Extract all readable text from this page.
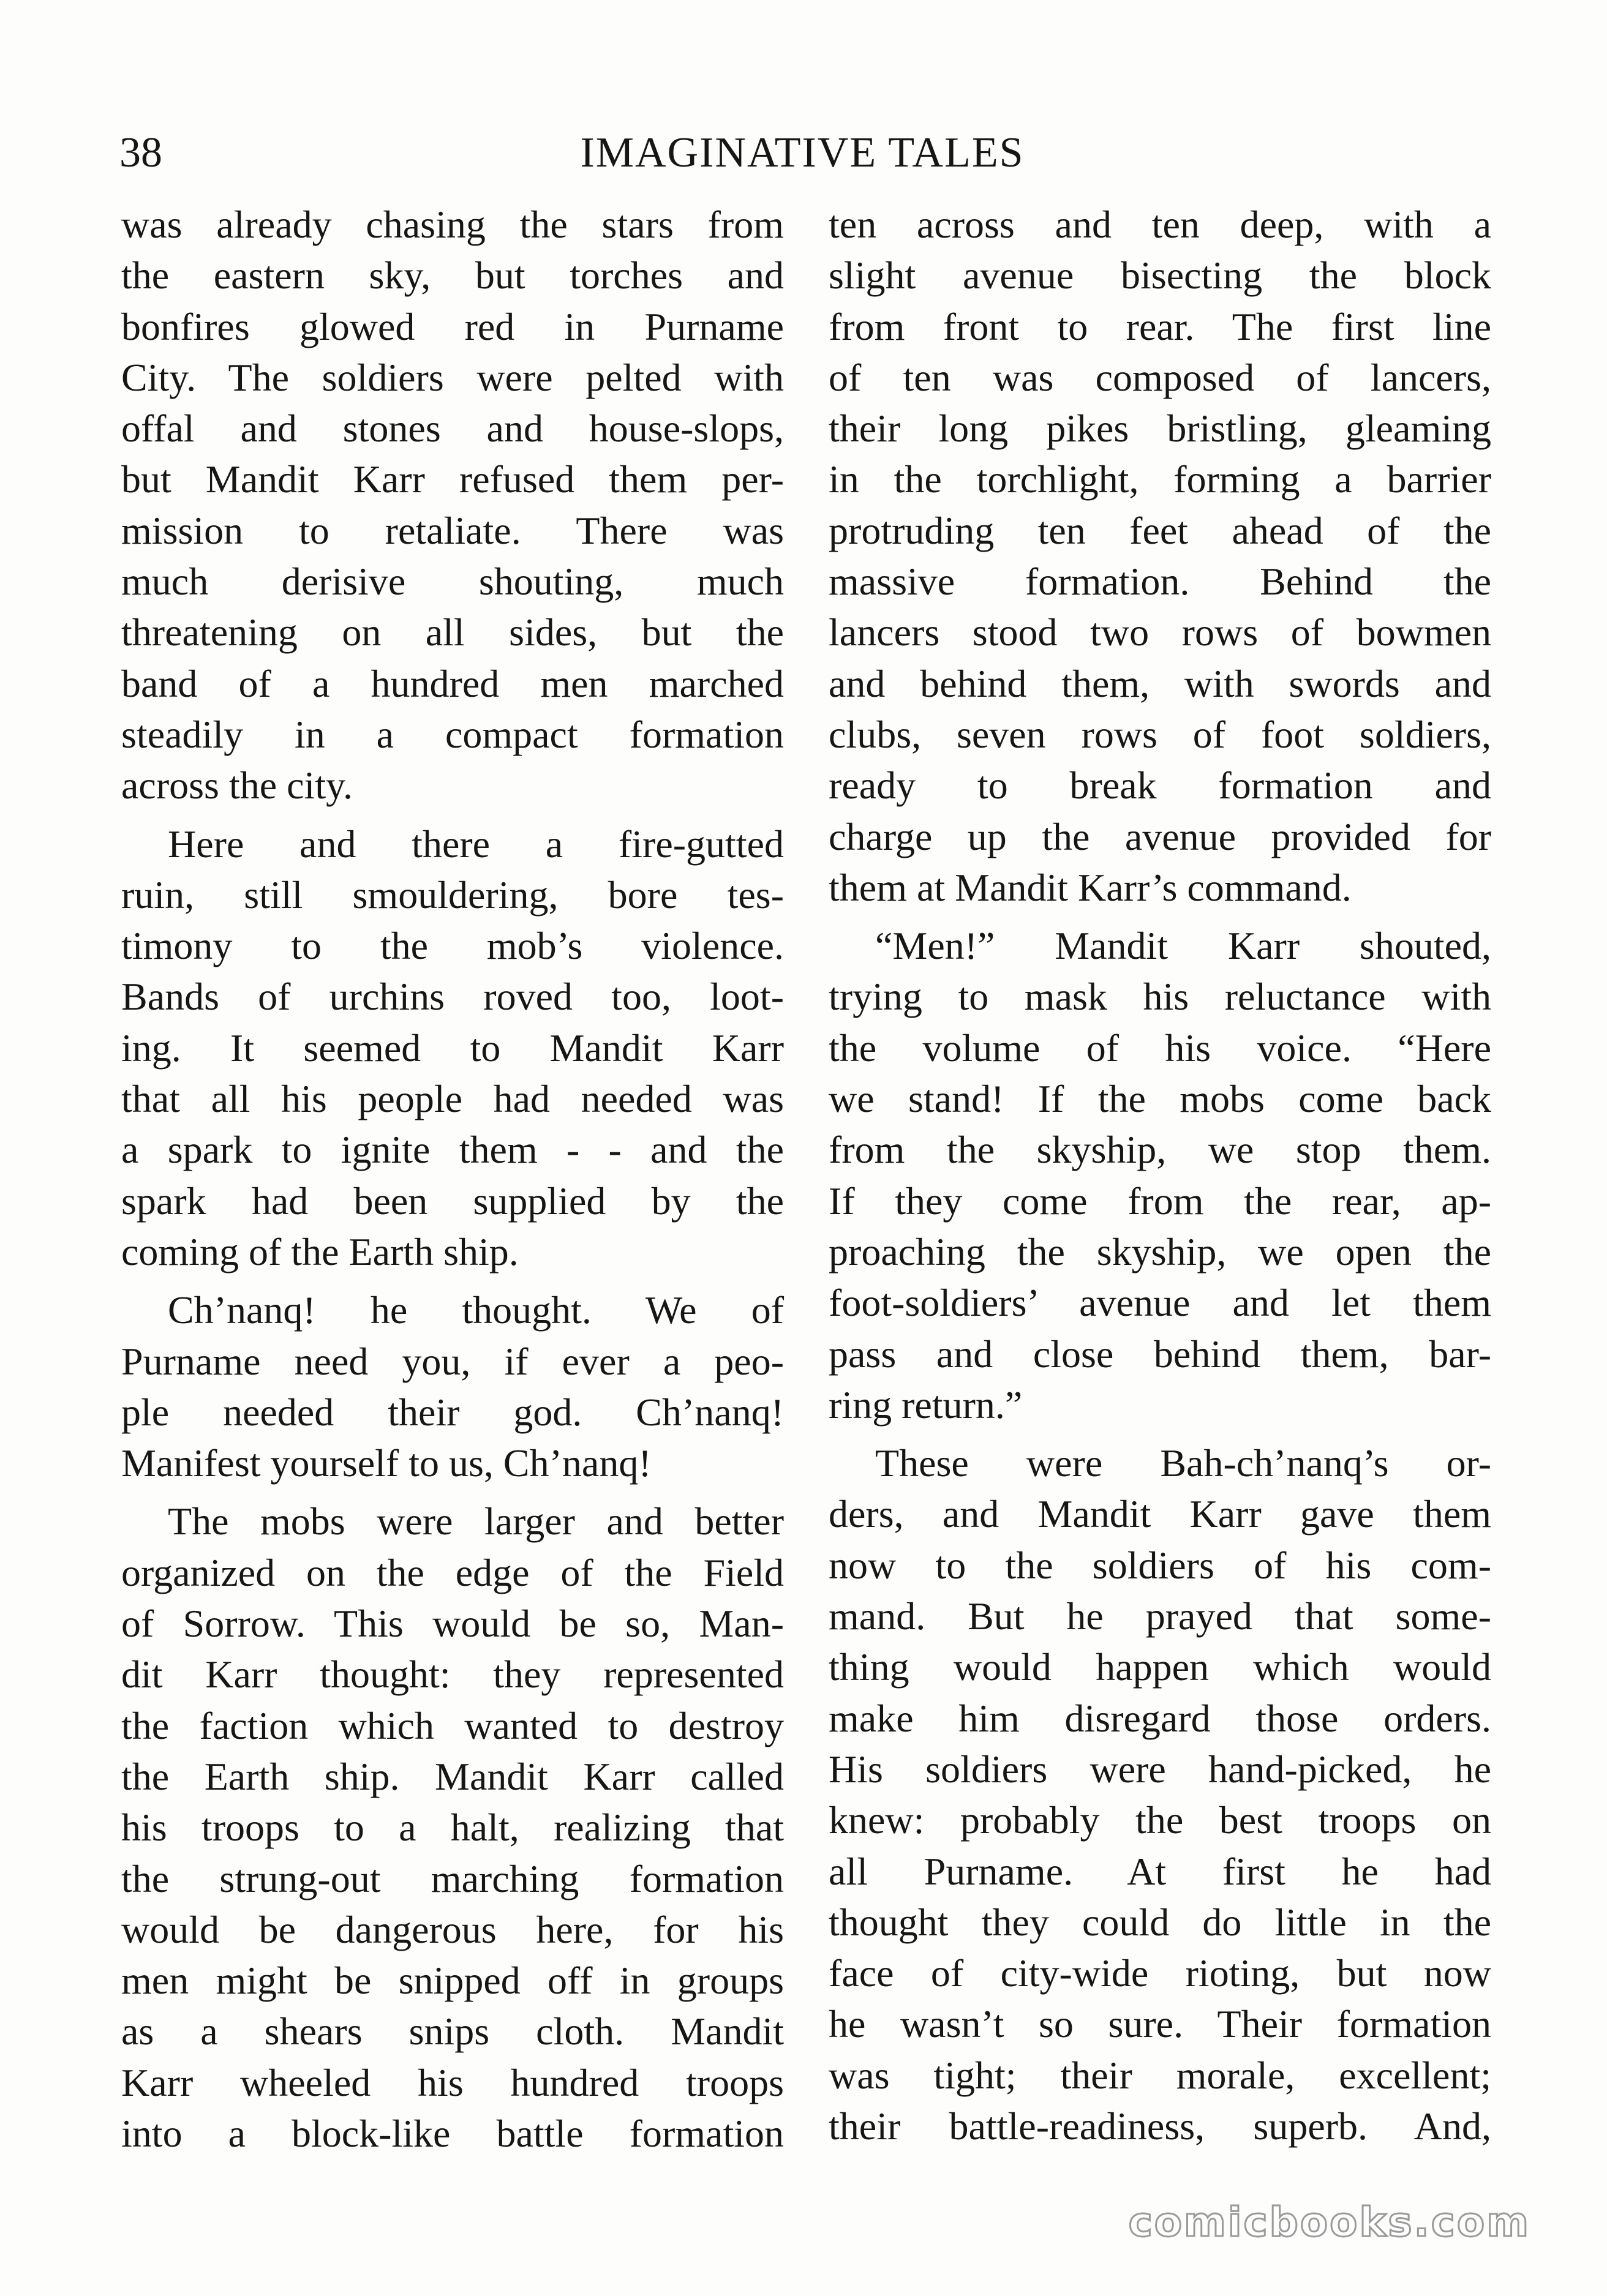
38	IMAGINATIVE TALES
was already chasing the stars from
the eastern sky, but torches and
bonfires glowed red in Purname
City. The soldiers were pelted with
offal and stones and house-slops,
but Mandit Karr refused them per-
mission to retaliate. There was
much derisive shouting, much
threatening on all sides, but the
band of a hundred men marched
steadily in a compact formation
across the city.
Here and there a fire-gutted
ruin, still smouldering, bore tes-
timony to the mob’s violence.
Bands of urchins roved too, loot-
ing. It seemed to Mandit Karr
that all his people had needed was
a spark to ignite them - - and the
spark had been supplied by the
coming of the Earth ship.
Ch’nanq! he thought. We of
Purname need you, if ever a peo-
ple needed their god. Ch’nanq!
Manifest yourself to us, Ch’nanq!
The mobs were larger and better
organized on the edge of the Field
of Sorrow. This would be so, Man-
dit Karr thought: they represented
the faction which wanted to destroy
the Earth ship. Mandit Karr called
his troops to a halt, realizing that
the strung-out marching formation
would be dangerous here, for his
men might be snipped off in groups
as a shears snips cloth. Mandit
Karr wheeled his hundred troops
into a block-like battle formation
ten across and ten deep, with a
slight avenue bisecting the block
from front to rear. The first line
of ten was composed of lancers,
their long pikes bristling, gleaming
in the torchlight, forming a barrier
protruding ten feet ahead of the
massive formation. Behind the
lancers stood two rows of bowmen
and behind them, with swords and
clubs, seven rows of foot soldiers,
ready to break formation and
charge up the avenue provided for
them at Mandit Karr’s command.
“Men!” Mandit Karr shouted,
trying to mask his reluctance with
the volume of his voice. “Here
we stand! If the mobs come back
from the skyship, we stop them.
If they come from the rear, ap-
proaching the skyship, we open the
foot-soldiers’ avenue and let them
pass and close behind them, bar-
ring return.”
These were Bah-ch’nanq’s or-
ders, and Mandit Karr gave them
now to the soldiers of his com-
mand. But he prayed that some-
thing would happen which would
make him disregard those orders.
His soldiers were hand-picked, he
knew: probably the best troops on
all Purname. At first he had
thought they could do little in the
face of city-wide rioting, but now
he wasn’t so sure. Their formation
was tight; their morale, excellent;
their battle-readiness, superb. And,
comicbooks.com
